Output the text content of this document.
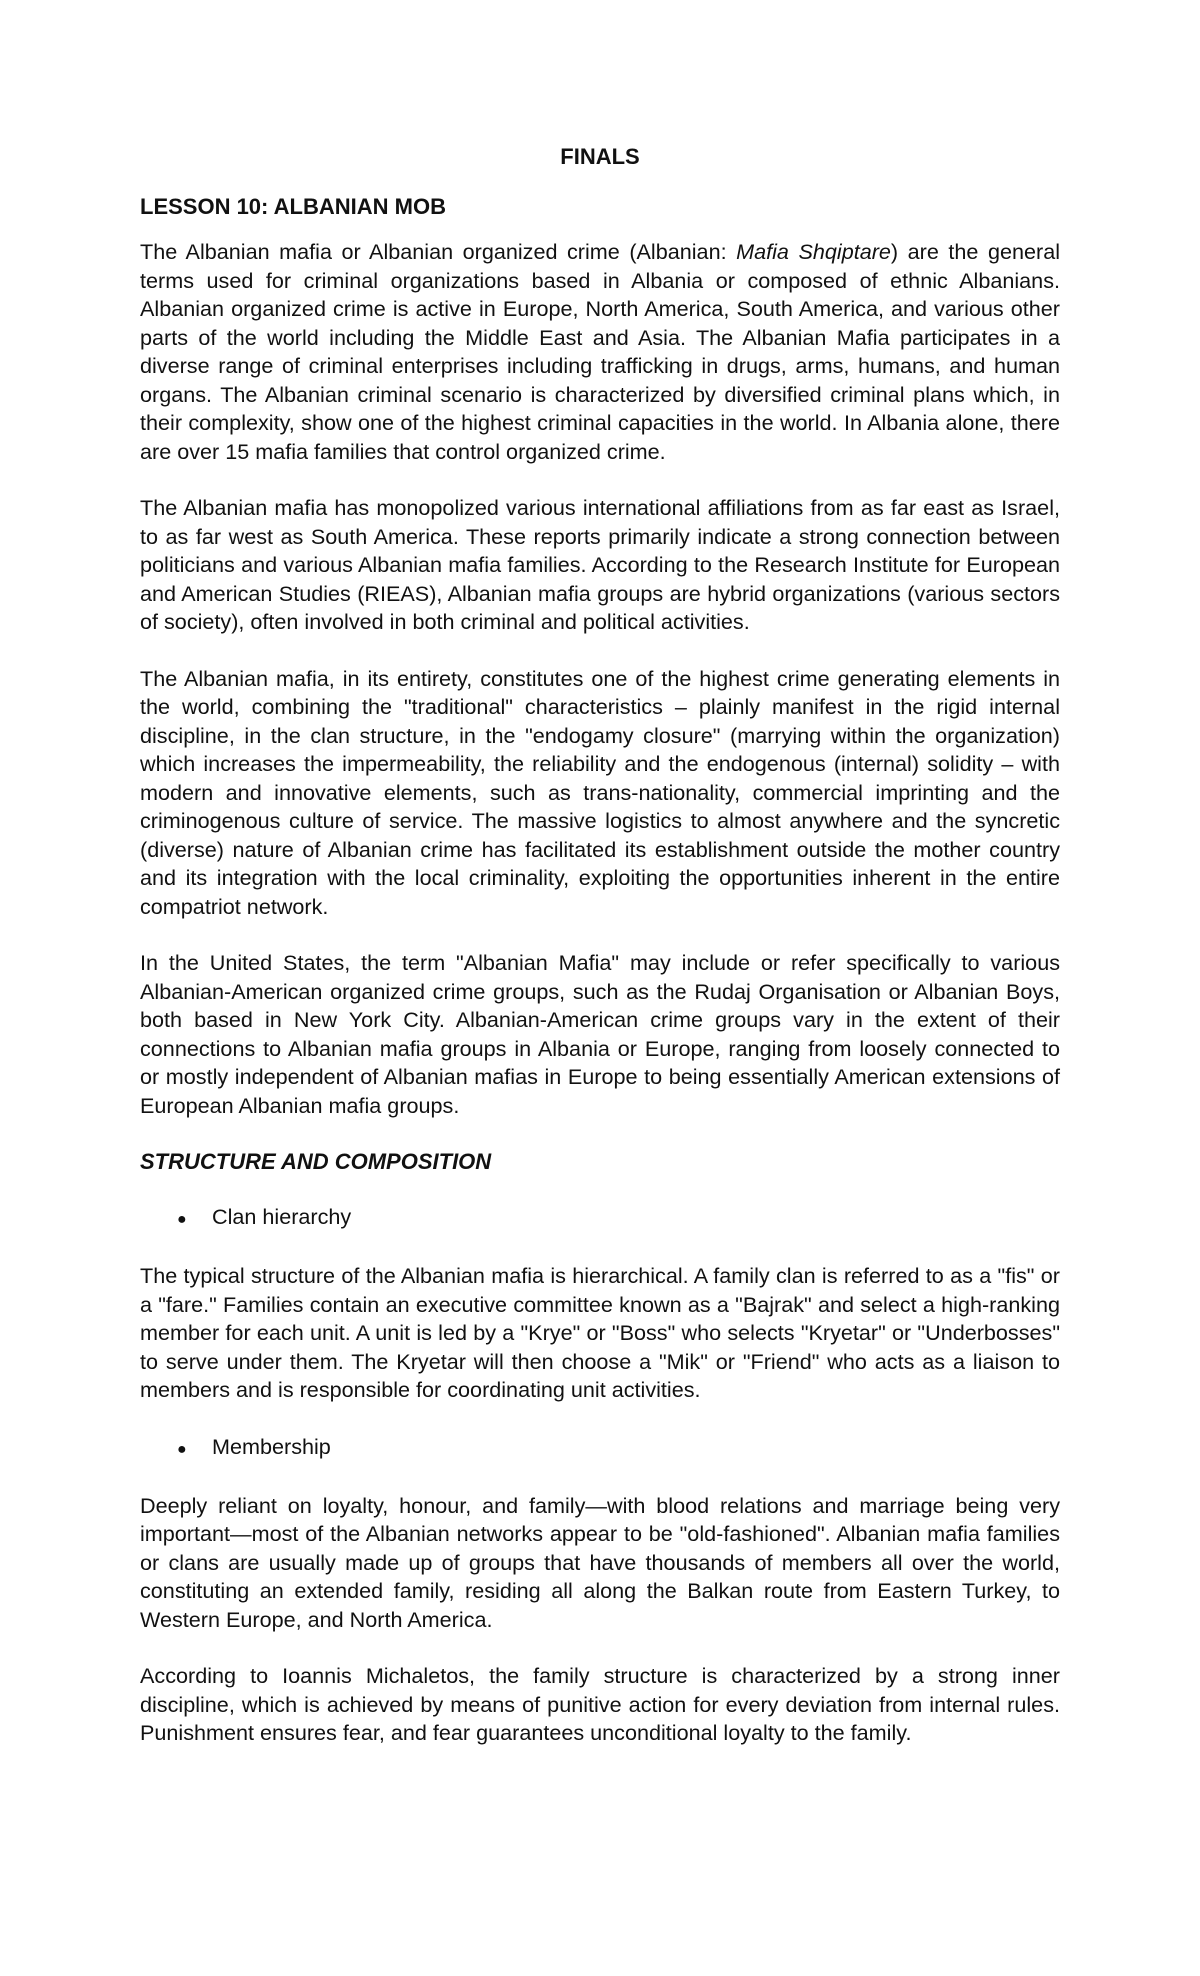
FINALS
LESSON 10: ALBANIAN MOB

The Albanian mafia or Albanian organized crime (Albanian: Mafia Shqiptare) are the general terms used for criminal organizations based in Albania or composed of ethnic Albanians. Albanian organized crime is active in Europe, North America, South America, and various other parts of the world including the Middle East and Asia. The Albanian Mafia participates in a diverse range of criminal enterprises including trafficking in drugs, arms, humans, and human organs. The Albanian criminal scenario is characterized by diversified criminal plans which, in their complexity, show one of the highest criminal capacities in the world. In Albania alone, there are over 15 mafia families that control organized crime.

The Albanian mafia has monopolized various international affiliations from as far east as Israel, to as far west as South America. These reports primarily indicate a strong connection between politicians and various Albanian mafia families. According to the Research Institute for European and American Studies (RIEAS), Albanian mafia groups are hybrid organizations (various sectors of society), often involved in both criminal and political activities.

The Albanian mafia, in its entirety, constitutes one of the highest crime generating elements in the world, combining the "traditional" characteristics – plainly manifest in the rigid internal discipline, in the clan structure, in the "endogamy closure" (marrying within the organization) which increases the impermeability, the reliability and the endogenous (internal) solidity – with modern and innovative elements, such as trans-nationality, commercial imprinting and the criminogenous culture of service. The massive logistics to almost anywhere and the syncretic (diverse) nature of Albanian crime has facilitated its establishment outside the mother country and its integration with the local criminality, exploiting the opportunities inherent in the entire compatriot network.

In the United States, the term "Albanian Mafia" may include or refer specifically to various Albanian-American organized crime groups, such as the Rudaj Organisation or Albanian Boys, both based in New York City. Albanian-American crime groups vary in the extent of their connections to Albanian mafia groups in Albania or Europe, ranging from loosely connected to or mostly independent of Albanian mafias in Europe to being essentially American extensions of European Albanian mafia groups.

STRUCTURE AND COMPOSITION
●	Clan hierarchy

The typical structure of the Albanian mafia is hierarchical. A family clan is referred to as a "fis" or a "fare." Families contain an executive committee known as a "Bajrak" and select a high-ranking member for each unit. A unit is led by a "Krye" or "Boss" who selects "Kryetar" or "Underbosses" to serve under them. The Kryetar will then choose a "Mik" or "Friend" who acts as a liaison to members and is responsible for coordinating unit activities.

●	Membership

Deeply reliant on loyalty, honour, and family—with blood relations and marriage being very important—most of the Albanian networks appear to be "old-fashioned". Albanian mafia families or clans are usually made up of groups that have thousands of members all over the world, constituting an extended family, residing all along the Balkan route from Eastern Turkey, to Western Europe, and North America.

According to Ioannis Michaletos, the family structure is characterized by a strong inner discipline, which is achieved by means of punitive action for every deviation from internal rules. Punishment ensures fear, and fear guarantees unconditional loyalty to the family.
